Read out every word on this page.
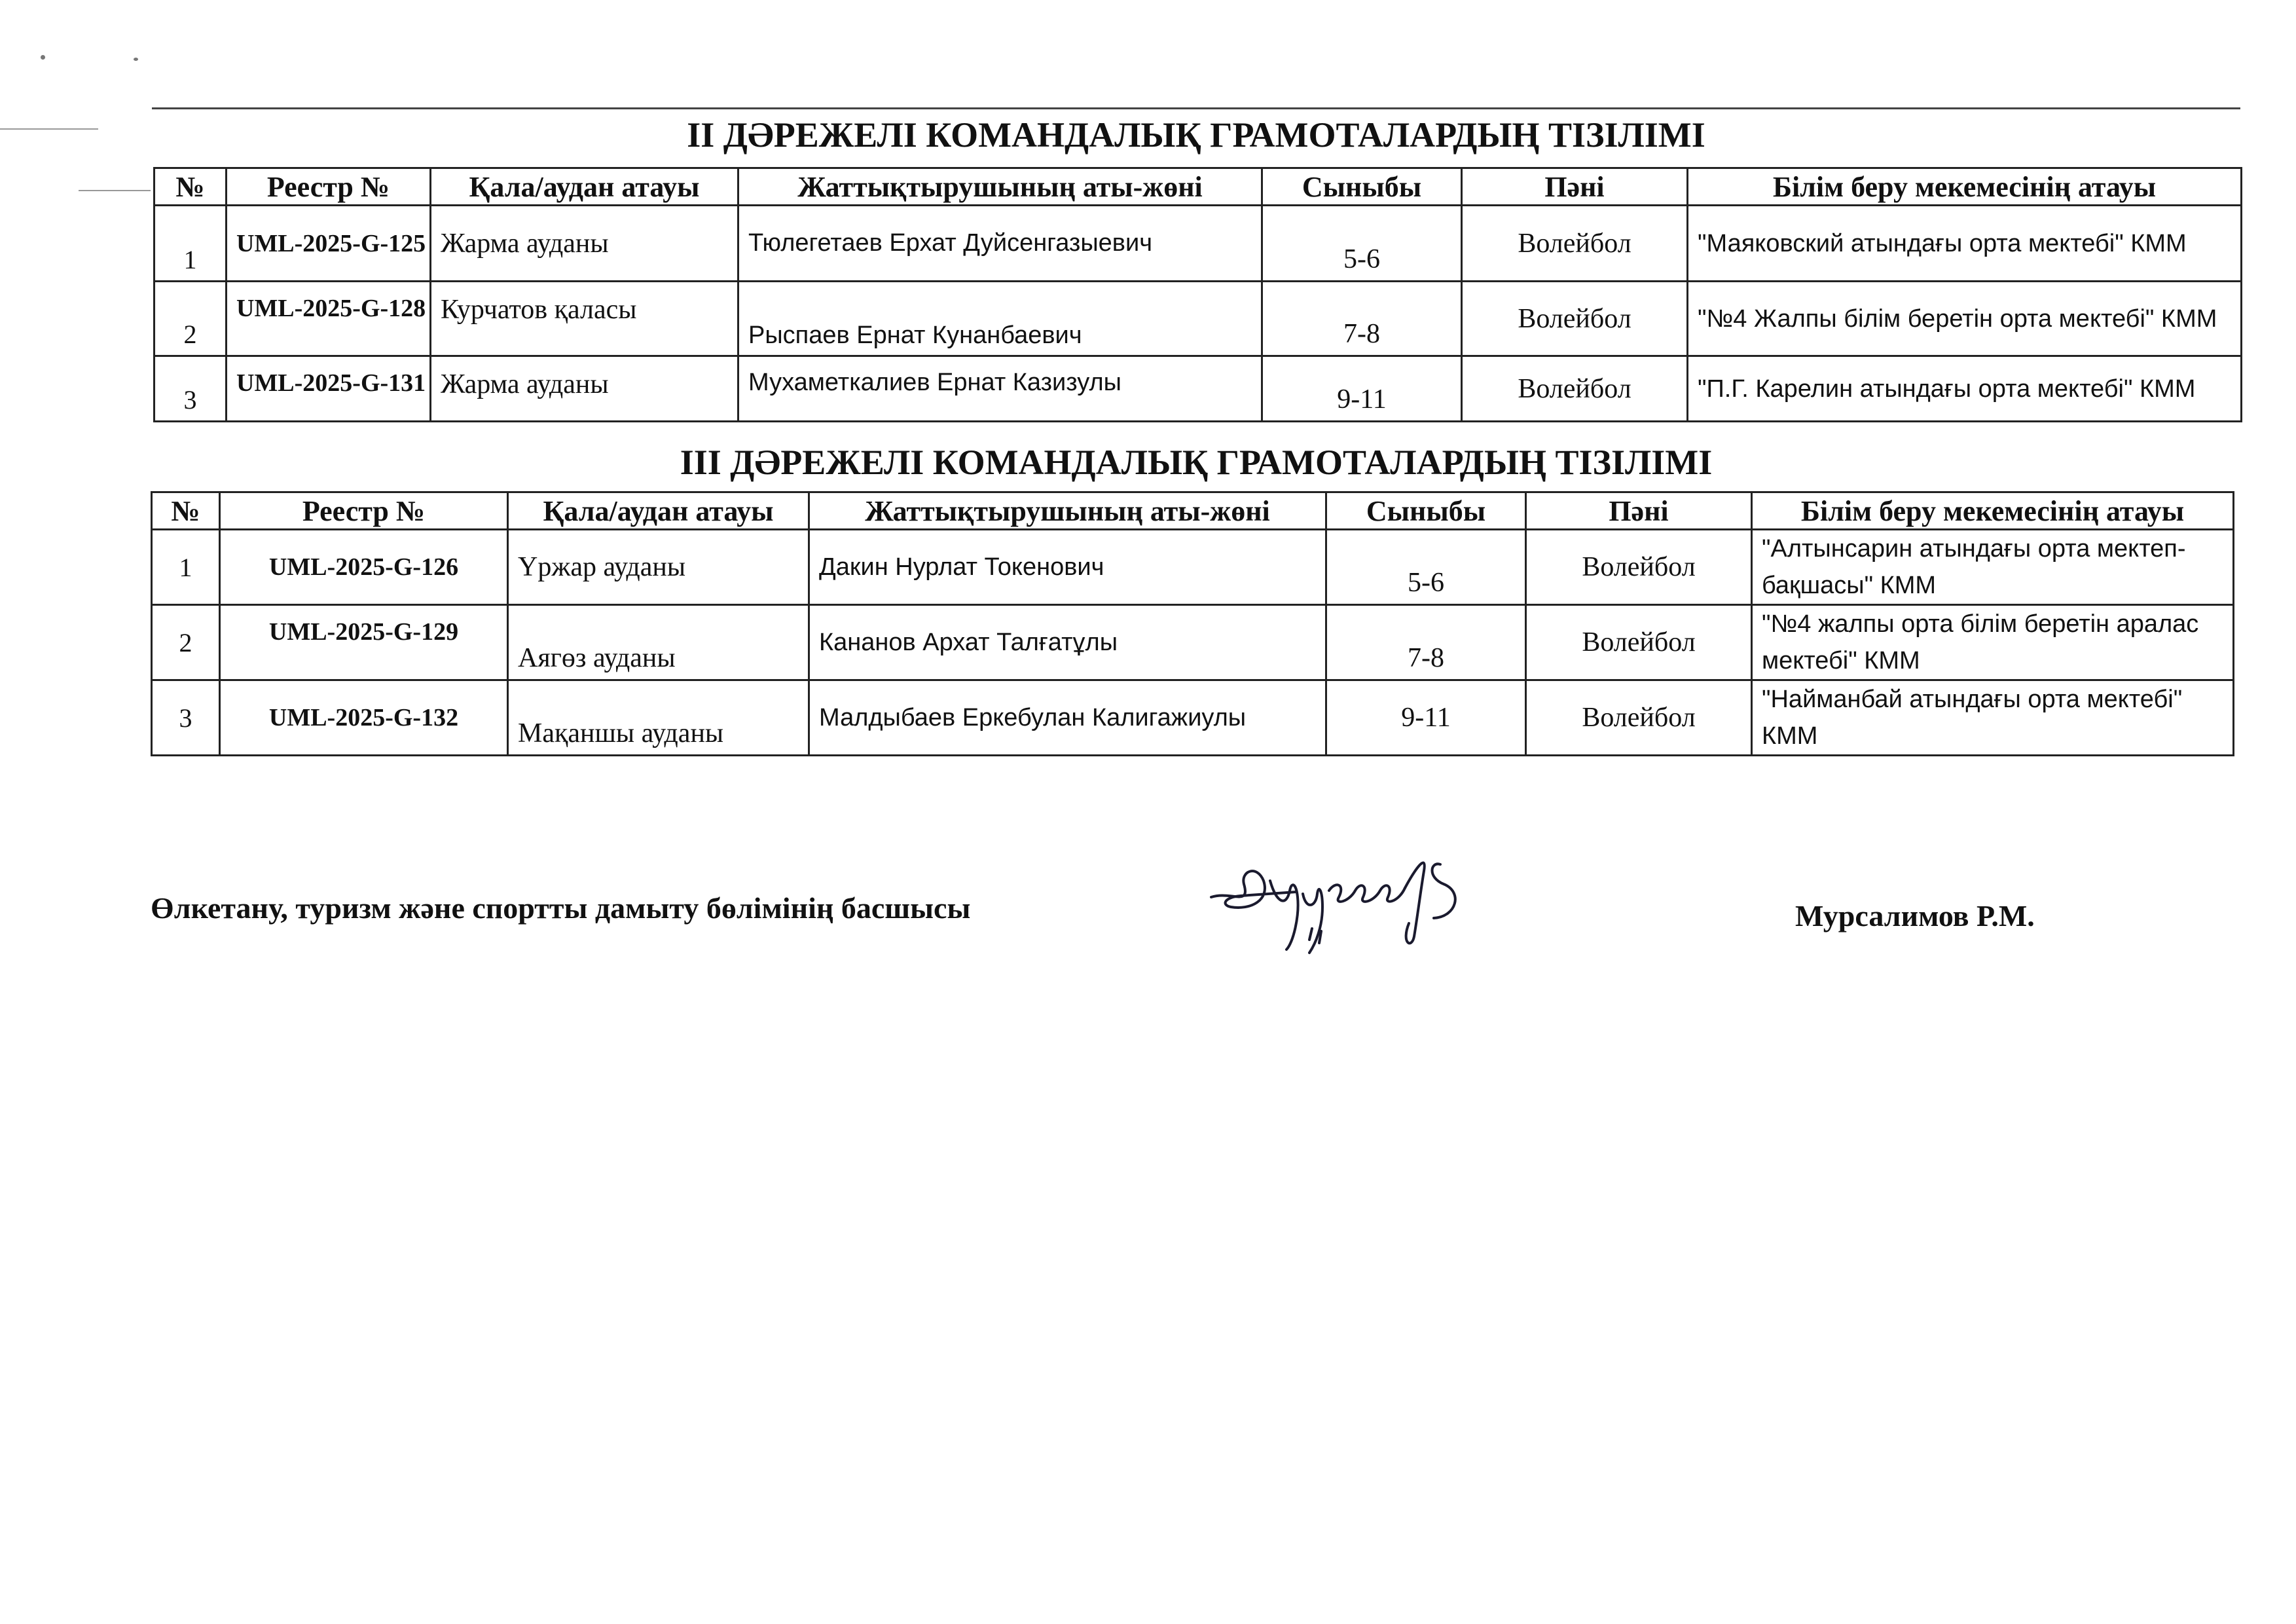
II ДӘРЕЖЕЛІ КОМАНДАЛЫҚ ГРАМОТАЛАРДЫҢ ТІЗІЛІМІ
№	Реестр №	Қала/аудан атауы	Жаттықтырушының аты-жөні	Сыныбы	Пәні	Білім беру мекемесінің атауы
1	UML-2025-G-125	Жарма ауданы	Тюлегетаев Ерхат Дуйсенгазыевич	5-6	Волейбол	"Маяковский атындағы орта мектебі" КММ
2	UML-2025-G-128	Курчатов қаласы	Рыспаев Ернат Кунанбаевич	7-8	Волейбол	"№4 Жалпы білім беретін орта мектебі" КММ
3	UML-2025-G-131	Жарма ауданы	Мухаметкалиев Ернат Казизулы	9-11	Волейбол	"П.Г. Карелин атындағы орта мектебі" КММ
III ДӘРЕЖЕЛІ КОМАНДАЛЫҚ ГРАМОТАЛАРДЫҢ ТІЗІЛІМІ
№	Реестр №	Қала/аудан атауы	Жаттықтырушының аты-жөні	Сыныбы	Пәні	Білім беру мекемесінің атауы
1	UML-2025-G-126	Үржар ауданы	Дакин Нурлат Токенович	5-6	Волейбол	"Алтынсарин атындағы орта мектеп-бақшасы" КММ
2	UML-2025-G-129	Аягөз ауданы	Кананов Архат Талғатұлы	7-8	Волейбол	"№4 жалпы орта білім беретін аралас мектебі" КММ
3	UML-2025-G-132	Мақаншы ауданы	Малдыбаев Еркебулан Калигажиулы	9-11	Волейбол	"Найманбай атындағы орта мектебі" КММ
Өлкетану, туризм және спортты дамыту бөлімінің басшысы	Мурсалимов Р.М.
